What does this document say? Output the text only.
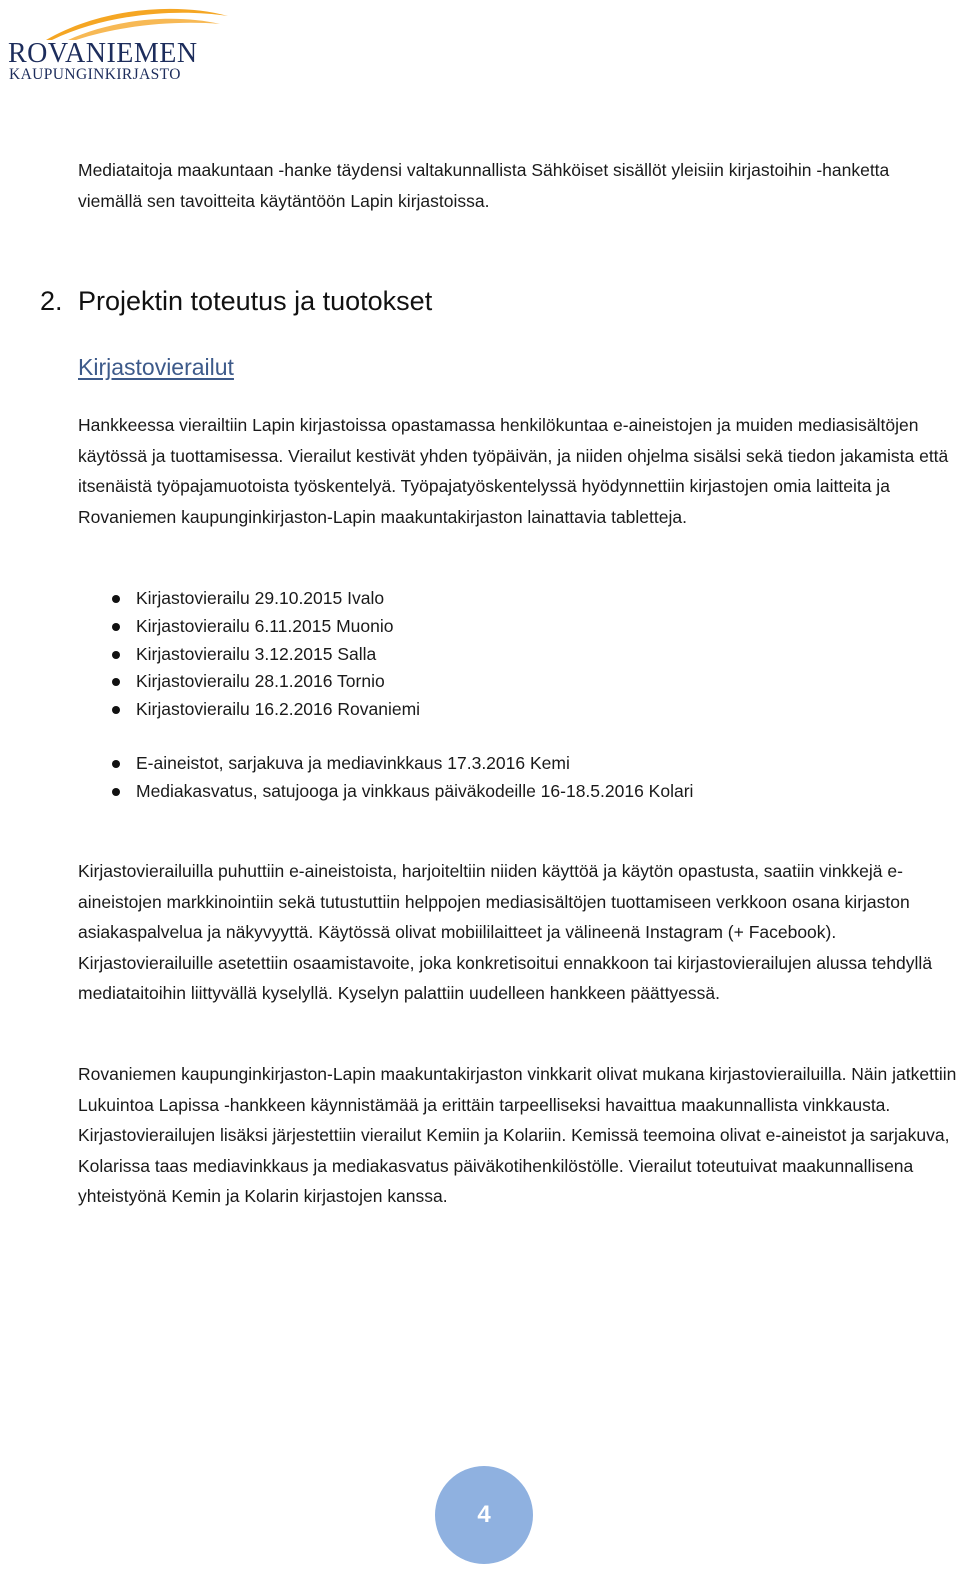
ROVANIEMEN
KAUPUNGINKIRJASTO

Mediataitoja maakuntaan -hanke täydensi valtakunnallista Sähköiset sisällöt yleisiin kirjastoihin -hanketta viemällä sen tavoitteita käytäntöön Lapin kirjastoissa.

2. Projektin toteutus ja tuotokset
Kirjastovierailut

Hankkeessa vierailtiin Lapin kirjastoissa opastamassa henkilökuntaa e-aineistojen ja muiden mediasisältöjen käytössä ja tuottamisessa. Vierailut kestivät yhden työpäivän, ja niiden ohjelma sisälsi sekä tiedon jakamista että itsenäistä työpajamuotoista työskentelyä. Työpajatyöskentelyssä hyödynnettiin kirjastojen omia laitteita ja Rovaniemen kaupunginkirjaston-Lapin maakuntakirjaston lainattavia tabletteja.

Kirjastovierailu 29.10.2015 Ivalo
Kirjastovierailu 6.11.2015 Muonio
Kirjastovierailu 3.12.2015 Salla
Kirjastovierailu 28.1.2016 Tornio
Kirjastovierailu 16.2.2016 Rovaniemi
E-aineistot, sarjakuva ja mediavinkkaus 17.3.2016 Kemi
Mediakasvatus, satujooga ja vinkkaus päiväkodeille 16-18.5.2016 Kolari

Kirjastovierailuilla puhuttiin e-aineistoista, harjoiteltiin niiden käyttöä ja käytön opastusta, saatiin vinkkejä e-aineistojen markkinointiin sekä tutustuttiin helppojen mediasisältöjen tuottamiseen verkkoon osana kirjaston asiakaspalvelua ja näkyvyyttä. Käytössä olivat mobiililaitteet ja välineenä Instagram (+ Facebook). Kirjastovierailuille asetettiin osaamistavoite, joka konkretisoitui ennakkoon tai kirjastovierailujen alussa tehdyllä mediataitoihin liittyvällä kyselyllä. Kyselyn palattiin uudelleen hankkeen päättyessä.

Rovaniemen kaupunginkirjaston-Lapin maakuntakirjaston vinkkarit olivat mukana kirjastovierailuilla. Näin jatkettiin Lukuintoa Lapissa -hankkeen käynnistämää ja erittäin tarpeelliseksi havaittua maakunnallista vinkkausta. Kirjastovierailujen lisäksi järjestettiin vierailut Kemiin ja Kolariin. Kemissä teemoina olivat e-aineistot ja sarjakuva, Kolarissa taas mediavinkkaus ja mediakasvatus päiväkotihenkilöstölle. Vierailut toteutuivat maakunnallisena yhteistyönä Kemin ja Kolarin kirjastojen kanssa.

4
